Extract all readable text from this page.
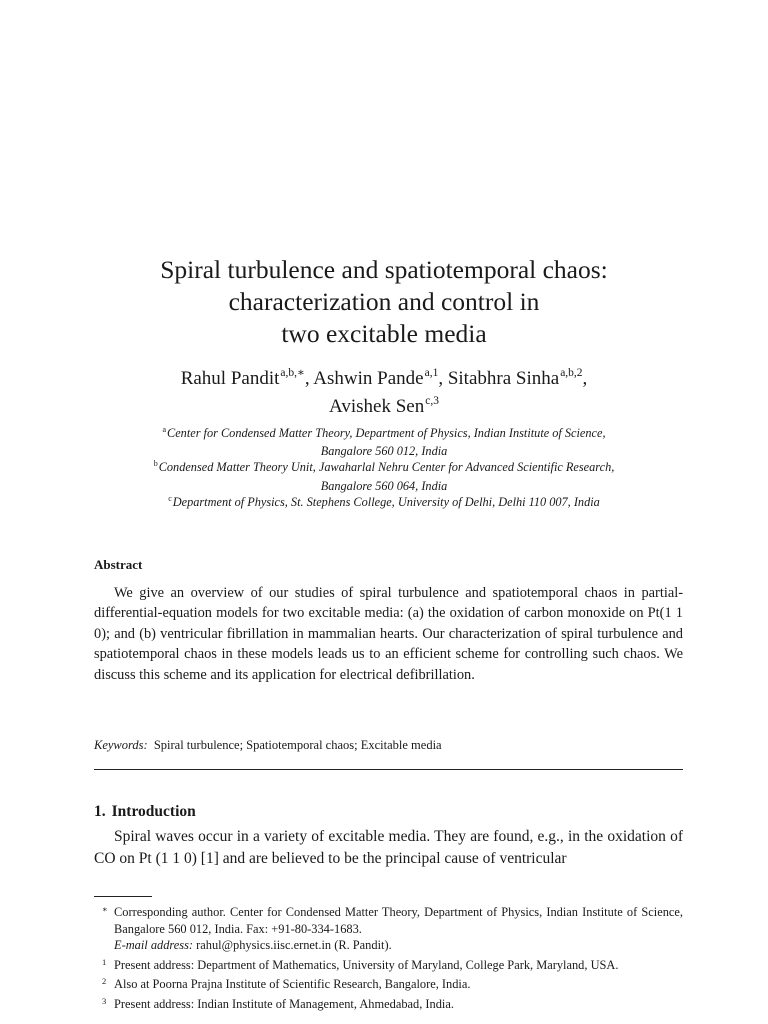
Spiral turbulence and spatiotemporal chaos:
characterization and control in
two excitable media
Rahul Pandit$^{a,b,∗}$, Ashwin Pande$^{a,1}$, Sitabhra Sinha$^{a,b,2}$,
Avishek Sen$^{c,3}$
$^a$Center for Condensed Matter Theory, Department of Physics, Indian Institute of Science,
Bangalore 560 012, India
$^b$Condensed Matter Theory Unit, Jawaharlal Nehru Center for Advanced Scientific Research,
Bangalore 560 064, India
$^c$Department of Physics, St. Stephens College, University of Delhi, Delhi 110 007, India
Abstract

We give an overview of our studies of spiral turbulence and spatiotemporal chaos in partial-differential-equation models for two excitable media: (a) the oxidation of carbon monoxide on Pt(1 1 0); and (b) ventricular fibrillation in mammalian hearts. Our characterization of spiral turbulence and spatiotemporal chaos in these models leads us to an efficient scheme for controlling such chaos. We discuss this scheme and its application for electrical defibrillation.

Keywords: Spiral turbulence; Spatiotemporal chaos; Excitable media
1. Introduction

Spiral waves occur in a variety of excitable media. They are found, e.g., in the oxidation of CO on Pt (1 1 0) [1] and are believed to be the principal cause of ventricular

∗ Corresponding author. Center for Condensed Matter Theory, Department of Physics, Indian Institute of Science, Bangalore 560 012, India. Fax: +91-80-334-1683.
E-mail address: rahul@physics.iisc.ernet.in (R. Pandit).
1 Present address: Department of Mathematics, University of Maryland, College Park, Maryland, USA.
2 Also at Poorna Prajna Institute of Scientific Research, Bangalore, India.
3 Present address: Indian Institute of Management, Ahmedabad, India.
